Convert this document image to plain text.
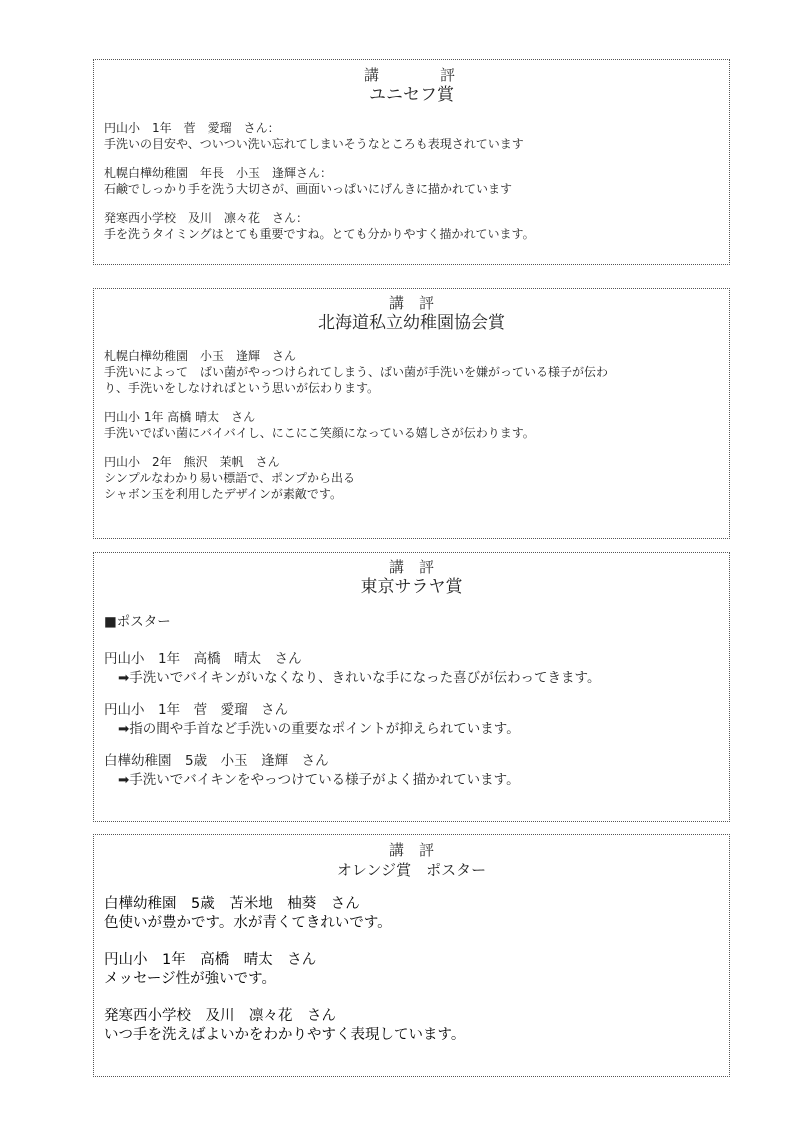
講　　　評
ユニセフ賞
円山小　1年　菅　愛瑠　さん：
手洗いの目安や、ついつい洗い忘れてしまいそうなところも表現されています
札幌白樺幼稚園　年長　小玉　逢輝さん：
石鹸でしっかり手を洗う大切さが、画面いっぱいにげんきに描かれています
発寒西小学校　及川　凛々花　さん：
手を洗うタイミングはとても重要ですね。とても分かりやすく描かれています。
講　評
北海道私立幼稚園協会賞
札幌白樺幼稚園　小玉　逢輝　さん
手洗いによって　ばい菌がやっつけられてしまう、ばい菌が手洗いを嫌がっている様子が伝わ
り、手洗いをしなければという思いが伝わります。
円山小 1年 高橋 晴太　さん
手洗いでばい菌にバイバイし、にこにこ笑顔になっている嬉しさが伝わります。
円山小　2年　熊沢　茉帆　さん
シンプルなわかり易い標語で、ポンプから出る
シャボン玉を利用したデザインが素敵です。
講　評
東京サラヤ賞
■ポスター
円山小　1年　高橋　晴太　さん
➡手洗いでバイキンがいなくなり、きれいな手になった喜びが伝わってきます。
円山小　1年　菅　愛瑠　さん
➡指の間や手首など手洗いの重要なポイントが抑えられています。
白樺幼稚園　5歳　小玉　逢輝　さん
➡手洗いでバイキンをやっつけている様子がよく描かれています。
講　評
オレンジ賞　ポスター
白樺幼稚園　5歳　苫米地　柚葵　さん
色使いが豊かです。水が青くてきれいです。
円山小　1年　高橋　晴太　さん
メッセージ性が強いです。
発寒西小学校　及川　凛々花　さん
いつ手を洗えばよいかをわかりやすく表現しています。
